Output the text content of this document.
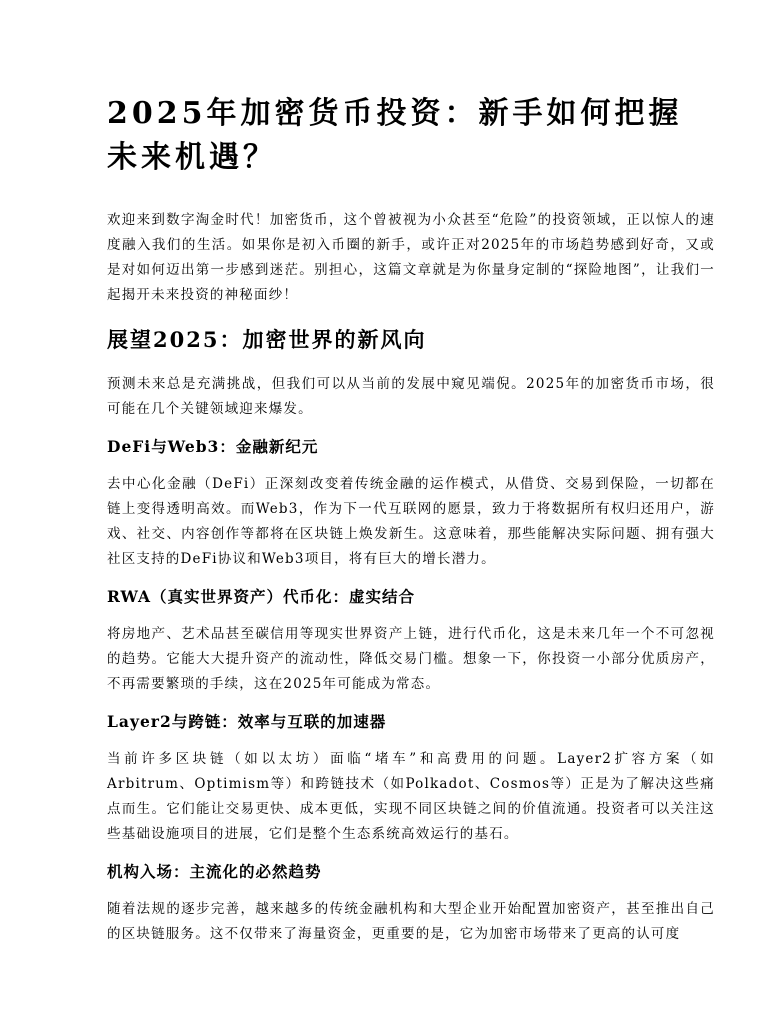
2025年加密货币投资：新手如何把握未来机遇？

欢迎来到数字淘金时代！加密货币，这个曾被视为小众甚至“危险”的投资领域，正以惊人的速度融入我们的生活。如果你是初入币圈的新手，或许正对2025年的市场趋势感到好奇，又或是对如何迈出第一步感到迷茫。别担心，这篇文章就是为你量身定制的“探险地图”，让我们一起揭开未来投资的神秘面纱！

展望2025：加密世界的新风向

预测未来总是充满挑战，但我们可以从当前的发展中窥见端倪。2025年的加密货币市场，很可能在几个关键领域迎来爆发。

DeFi与Web3：金融新纪元

去中心化金融（DeFi）正深刻改变着传统金融的运作模式，从借贷、交易到保险，一切都在链上变得透明高效。而Web3，作为下一代互联网的愿景，致力于将数据所有权归还用户，游戏、社交、内容创作等都将在区块链上焕发新生。这意味着，那些能解决实际问题、拥有强大社区支持的DeFi协议和Web3项目，将有巨大的增长潜力。

RWA（真实世界资产）代币化：虚实结合

将房地产、艺术品甚至碳信用等现实世界资产上链，进行代币化，这是未来几年一个不可忽视的趋势。它能大大提升资产的流动性，降低交易门槛。想象一下，你投资一小部分优质房产，不再需要繁琐的手续，这在2025年可能成为常态。

Layer2与跨链：效率与互联的加速器

当前许多区块链（如以太坊）面临“堵车”和高费用的问题。Layer2扩容方案（如Arbitrum、Optimism等）和跨链技术（如Polkadot、Cosmos等）正是为了解决这些痛点而生。它们能让交易更快、成本更低，实现不同区块链之间的价值流通。投资者可以关注这些基础设施项目的进展，它们是整个生态系统高效运行的基石。

机构入场：主流化的必然趋势

随着法规的逐步完善，越来越多的传统金融机构和大型企业开始配置加密资产，甚至推出自己的区块链服务。这不仅带来了海量资金，更重要的是，它为加密市场带来了更高的认可度
